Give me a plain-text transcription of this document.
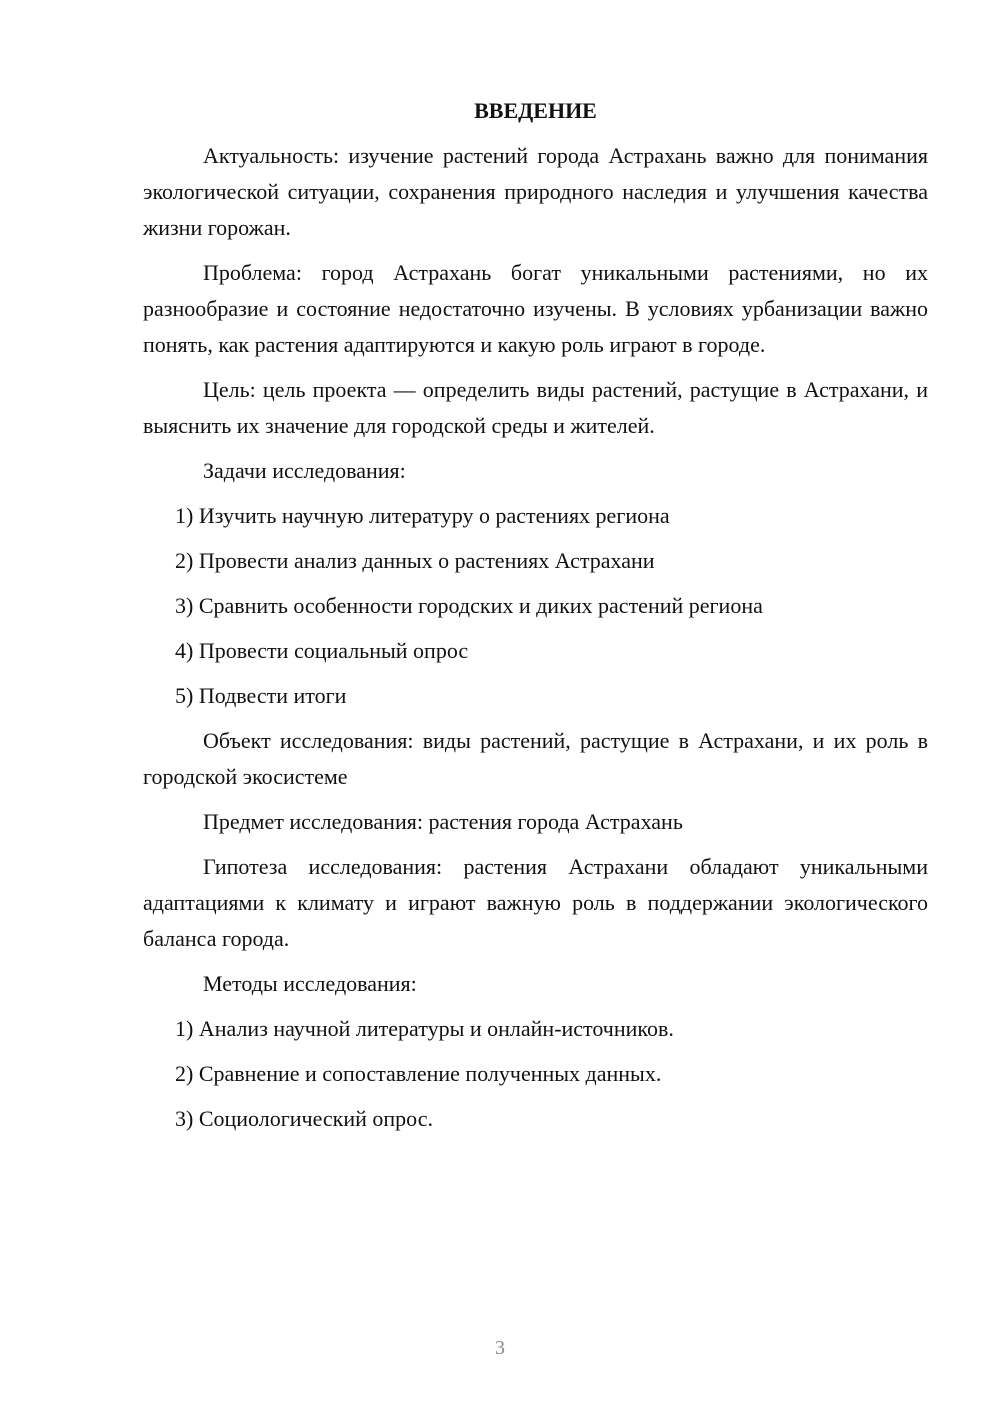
ВВЕДЕНИЕ

Актуальность: изучение растений города Астрахань важно для понимания экологической ситуации, сохранения природного наследия и улучшения качества жизни горожан.

Проблема: город Астрахань богат уникальными растениями, но их разнообразие и состояние недостаточно изучены. В условиях урбанизации важно понять, как растения адаптируются и какую роль играют в городе.

Цель: цель проекта — определить виды растений, растущие в Астрахани, и выяснить их значение для городской среды и жителей.

Задачи исследования:

1) Изучить научную литературу о растениях региона
2) Провести анализ данных о растениях Астрахани
3) Сравнить особенности городских и диких растений региона
4) Провести социальный опрос
5) Подвести итоги

Объект исследования: виды растений, растущие в Астрахани, и их роль в городской экосистеме

Предмет исследования: растения города Астрахань

Гипотеза исследования: растения Астрахани обладают уникальными адаптациями к климату и играют важную роль в поддержании экологического баланса города.

Методы исследования:

1) Анализ научной литературы и онлайн-источников.
2) Сравнение и сопоставление полученных данных.
3) Социологический опрос.
3
